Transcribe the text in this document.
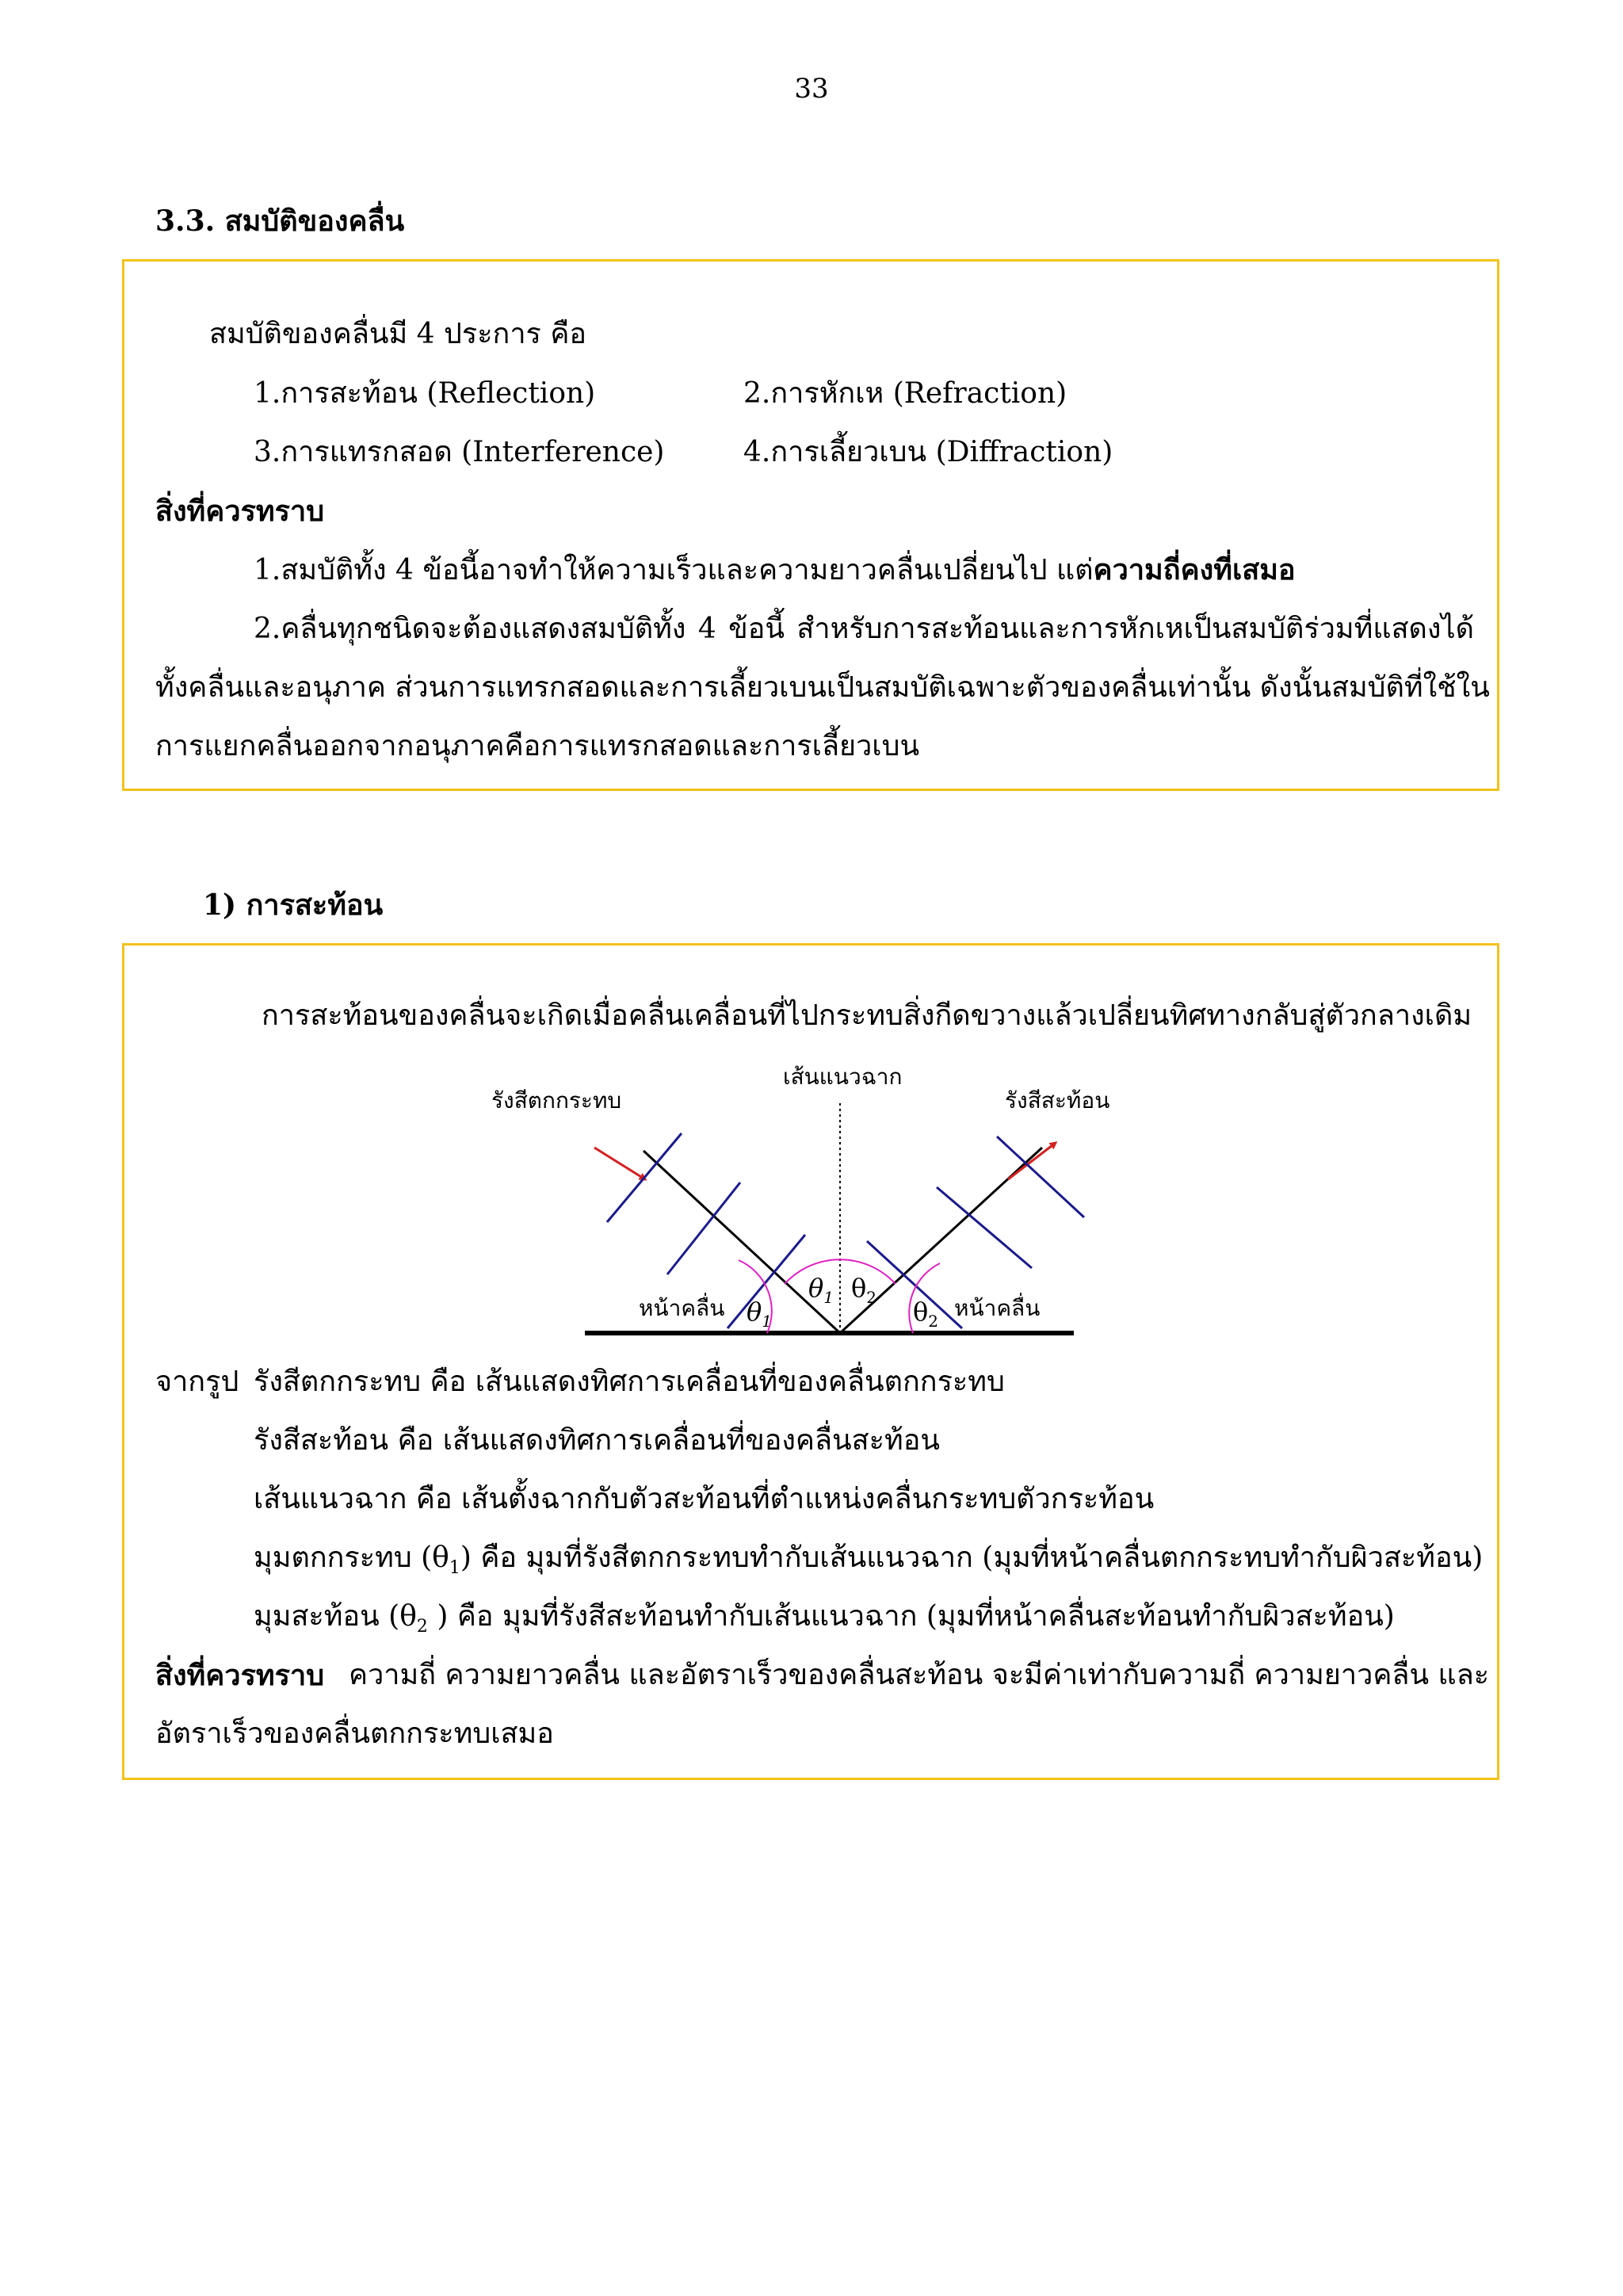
33
3.3. สมบัติของคลื่น
สมบัติของคลื่นมี 4 ประการ คือ
1.การสะท้อน (Reflection)	2.การหักเห (Refraction)
3.การแทรกสอด (Interference)	4.การเลี้ยวเบน (Diffraction)
สิ่งที่ควรทราบ
1.สมบัติทั้ง 4 ข้อนี้อาจทำให้ความเร็วและความยาวคลื่นเปลี่ยนไป แต่ความถี่คงที่เสมอ
2.คลื่นทุกชนิดจะต้องแสดงสมบัติทั้ง 4 ข้อนี้ สำหรับการสะท้อนและการหักเหเป็นสมบัติร่วมที่แสดงได้
ทั้งคลื่นและอนุภาค ส่วนการแทรกสอดและการเลี้ยวเบนเป็นสมบัติเฉพาะตัวของคลื่นเท่านั้น ดังนั้นสมบัติที่ใช้ใน
การแยกคลื่นออกจากอนุภาคคือการแทรกสอดและการเลี้ยวเบน
1) การสะท้อน
การสะท้อนของคลื่นจะเกิดเมื่อคลื่นเคลื่อนที่ไปกระทบสิ่งกีดขวางแล้วเปลี่ยนทิศทางกลับสู่ตัวกลางเดิม
เส้นแนวฉาก
รังสีตกกระทบ	รังสีสะท้อน
หน้าคลื่น	หน้าคลื่น
$\theta_1$ $\theta_2$
$\theta_1$	$\theta_2$
จากรูป รังสีตกกระทบ คือ เส้นแสดงทิศการเคลื่อนที่ของคลื่นตกกระทบ
รังสีสะท้อน คือ เส้นแสดงทิศการเคลื่อนที่ของคลื่นสะท้อน
เส้นแนวฉาก คือ เส้นตั้งฉากกับตัวสะท้อนที่ตำแหน่งคลื่นกระทบตัวกระท้อน
มุมตกกระทบ $(\theta_1)$ คือ มุมที่รังสีตกกระทบทำกับเส้นแนวฉาก (มุมที่หน้าคลื่นตกกระทบทำกับผิวสะท้อน)
มุมสะท้อน ($\theta_2$ ) คือ มุมที่รังสีสะท้อนทำกับเส้นแนวฉาก (มุมที่หน้าคลื่นสะท้อนทำกับผิวสะท้อน)
สิ่งที่ควรทราบ ความถี่ ความยาวคลื่น และอัตราเร็วของคลื่นสะท้อน จะมีค่าเท่ากับความถี่ ความยาวคลื่น และ
อัตราเร็วของคลื่นตกกระทบเสมอ
